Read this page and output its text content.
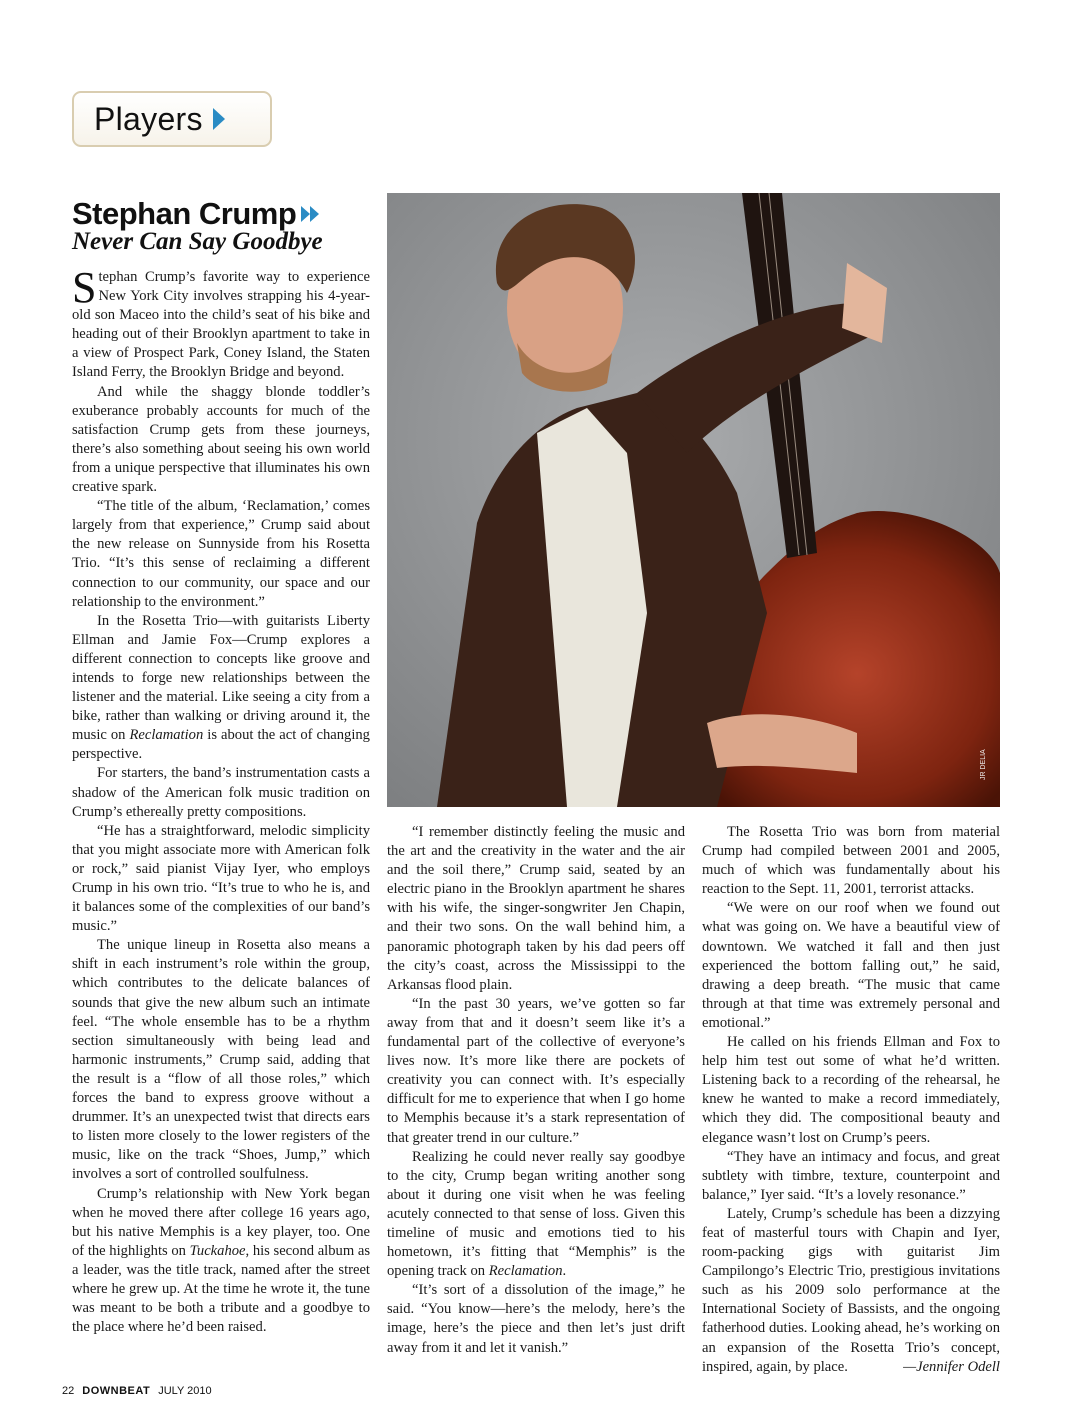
Players
Stephan Crump
Never Can Say Goodbye

Stephan Crump’s favorite way to experience New York City involves strapping his 4-year-old son Maceo into the child’s seat of his bike and heading out of their Brooklyn apartment to take in a view of Prospect Park, Coney Island, the Staten Island Ferry, the Brooklyn Bridge and beyond.

And while the shaggy blonde toddler’s exuberance probably accounts for much of the satisfaction Crump gets from these journeys, there’s also something about seeing his own world from a unique perspective that illuminates his own creative spark.

“The title of the album, ‘Reclamation,’ comes largely from that experience,” Crump said about the new release on Sunnyside from his Rosetta Trio. “It’s this sense of reclaiming a different connection to our community, our space and our relationship to the environment.”

In the Rosetta Trio—with guitarists Liberty Ellman and Jamie Fox—Crump explores a different connection to concepts like groove and intends to forge new relationships between the listener and the material. Like seeing a city from a bike, rather than walking or driving around it, the music on Reclamation is about the act of changing perspective.

For starters, the band’s instrumentation casts a shadow of the American folk music tradition on Crump’s ethereally pretty compositions.

“He has a straightforward, melodic simplicity that you might associate more with American folk or rock,” said pianist Vijay Iyer, who employs Crump in his own trio. “It’s true to who he is, and it balances some of the complexities of our band’s music.”

The unique lineup in Rosetta also means a shift in each instrument’s role within the group, which contributes to the delicate balances of sounds that give the new album such an intimate feel. “The whole ensemble has to be a rhythm section simultaneously with being lead and harmonic instruments,” Crump said, adding that the result is a “flow of all those roles,” which forces the band to express groove without a drummer. It’s an unexpected twist that directs ears to listen more closely to the lower registers of the music, like on the track “Shoes, Jump,” which involves a sort of controlled soulfulness.

Crump’s relationship with New York began when he moved there after college 16 years ago, but his native Memphis is a key player, too. One of the highlights on Tuckahoe, his second album as a leader, was the title track, named after the street where he grew up. At the time he wrote it, the tune was meant to be both a tribute and a goodbye to the place where he’d been raised.

JR DELIA

“I remember distinctly feeling the music and the art and the creativity in the water and the air and the soil there,” Crump said, seated by an electric piano in the Brooklyn apartment he shares with his wife, the singer-songwriter Jen Chapin, and their two sons. On the wall behind him, a panoramic photograph taken by his dad peers off the city’s coast, across the Mississippi to the Arkansas flood plain.

“In the past 30 years, we’ve gotten so far away from that and it doesn’t seem like it’s a fundamental part of the collective of everyone’s lives now. It’s more like there are pockets of creativity you can connect with. It’s especially difficult for me to experience that when I go home to Memphis because it’s a stark representation of that greater trend in our culture.”

Realizing he could never really say goodbye to the city, Crump began writing another song about it during one visit when he was feeling acutely connected to that sense of loss. Given this timeline of music and emotions tied to his hometown, it’s fitting that “Memphis” is the opening track on Reclamation.

“It’s sort of a dissolution of the image,” he said. “You know—here’s the melody, here’s the image, here’s the piece and then let’s just drift away from it and let it vanish.”

The Rosetta Trio was born from material Crump had compiled between 2001 and 2005, much of which was fundamentally about his reaction to the Sept. 11, 2001, terrorist attacks.

“We were on our roof when we found out what was going on. We have a beautiful view of downtown. We watched it fall and then just experienced the bottom falling out,” he said, drawing a deep breath. “The music that came through at that time was extremely personal and emotional.”

He called on his friends Ellman and Fox to help him test out some of what he’d written. Listening back to a recording of the rehearsal, he knew he wanted to make a record immediately, which they did. The compositional beauty and elegance wasn’t lost on Crump’s peers.

“They have an intimacy and focus, and great subtlety with timbre, texture, counterpoint and balance,” Iyer said. “It’s a lovely resonance.”

Lately, Crump’s schedule has been a dizzying feat of masterful tours with Chapin and Iyer, room-packing gigs with guitarist Jim Campilongo’s Electric Trio, prestigious invitations such as his 2009 solo performance at the International Society of Bassists, and the ongoing fatherhood duties. Looking ahead, he’s working on an expansion of the Rosetta Trio’s concept, inspired, again, by place.	—Jennifer Odell

22 DOWNBEAT JULY 2010
